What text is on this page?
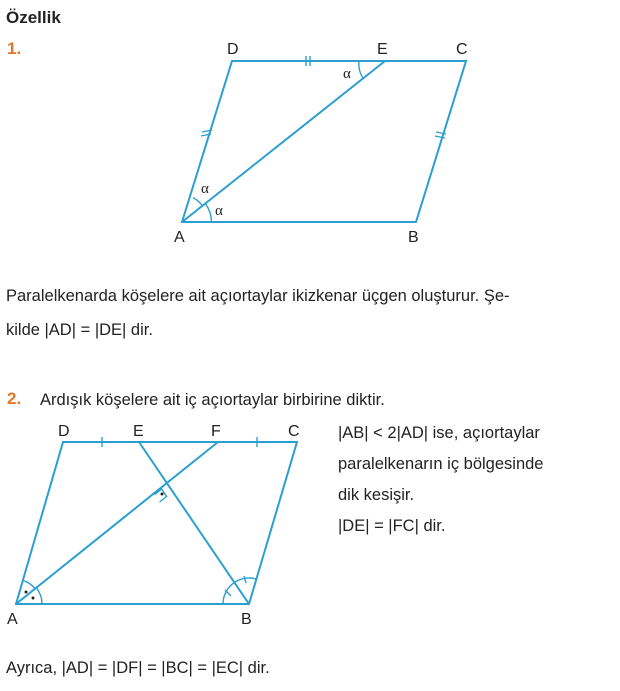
Özellik
1.	D	E	C
A	B
α
α
α
Paralelkenarda köşelere ait açıortaylar ikizkenar üçgen oluşturur. Şe-
kilde |AD| = |DE| dir.
2. Ardışık köşelere ait iç açıortaylar birbirine diktir.
D	E	F	C
A	B
|AB| < 2|AD| ise, açıortaylar
paralelkenarın iç bölgesinde
dik kesişir.
|DE| = |FC| dir.
Ayrıca, |AD| = |DF| = |BC| = |EC| dir.
